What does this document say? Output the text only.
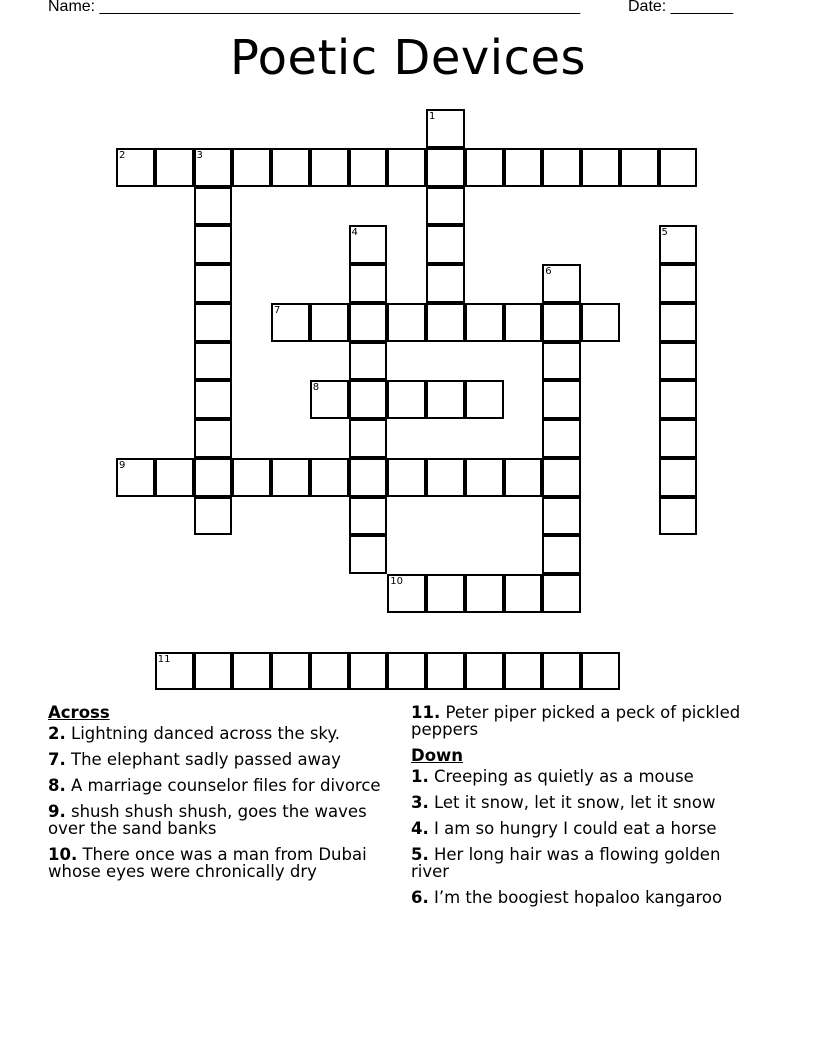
Name: ______________________________________________________	Date: _______
Poetic Devices
1
2	3
4	5
6
7
8
9
10
11
Across
2. Lightning danced across the sky.
7. The elephant sadly passed away
8. A marriage counselor files for divorce
9. shush shush shush, goes the waves over the sand banks
10. There once was a man from Dubai whose eyes were chronically dry
11. Peter piper picked a peck of pickled peppers
Down
1. Creeping as quietly as a mouse
3. Let it snow, let it snow, let it snow
4. I am so hungry I could eat a horse
5. Her long hair was a flowing golden river
6. I’m the boogiest hopaloo kangaroo
